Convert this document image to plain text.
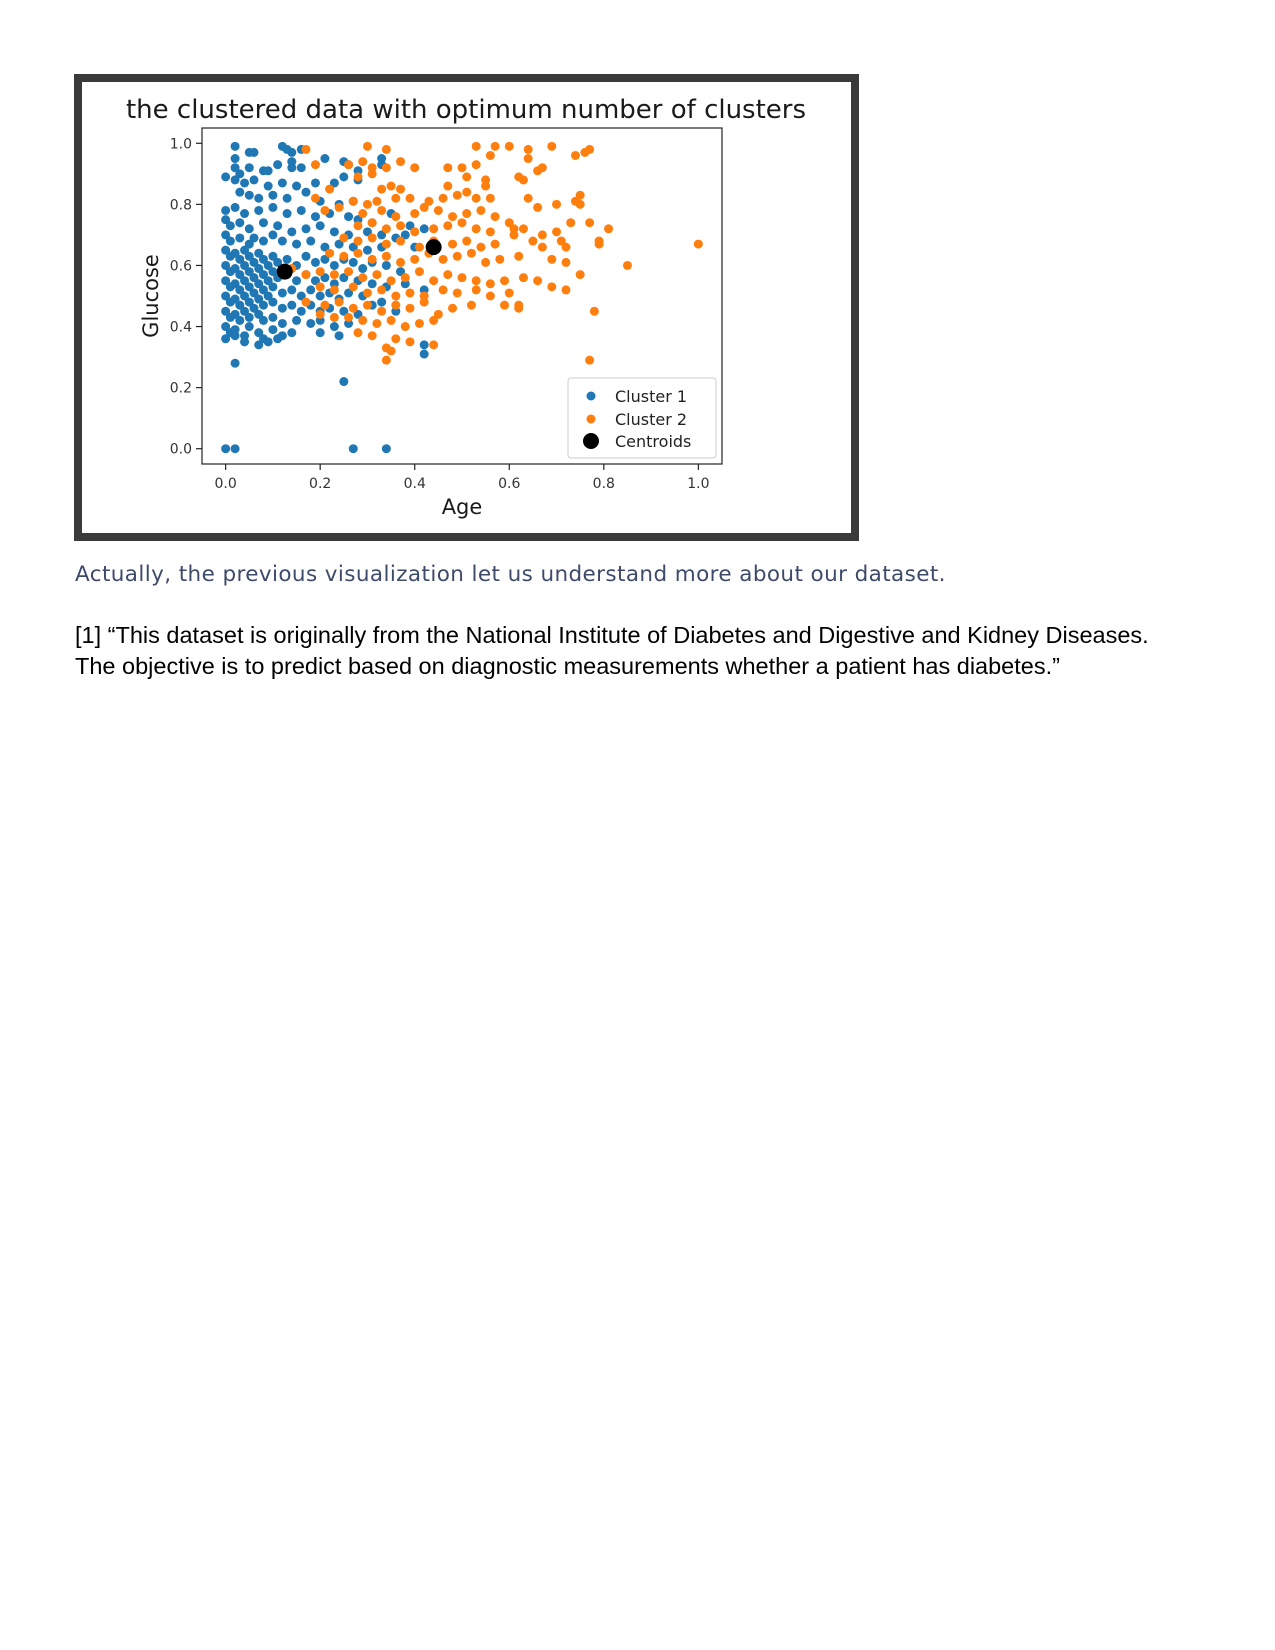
the clustered data with optimum number of clusters
0.0
0.2
0.4
0.6
0.8
1.0
0.0	0.2	0.4	0.6	0.8	1.0
Age
Glucose
Cluster 1
Cluster 2
Centroids

Actually, the previous visualization let us understand more about our dataset.

[1] “This dataset is originally from the National Institute of Diabetes and Digestive and Kidney Diseases. The objective is to predict based on diagnostic measurements whether a patient has diabetes.”
